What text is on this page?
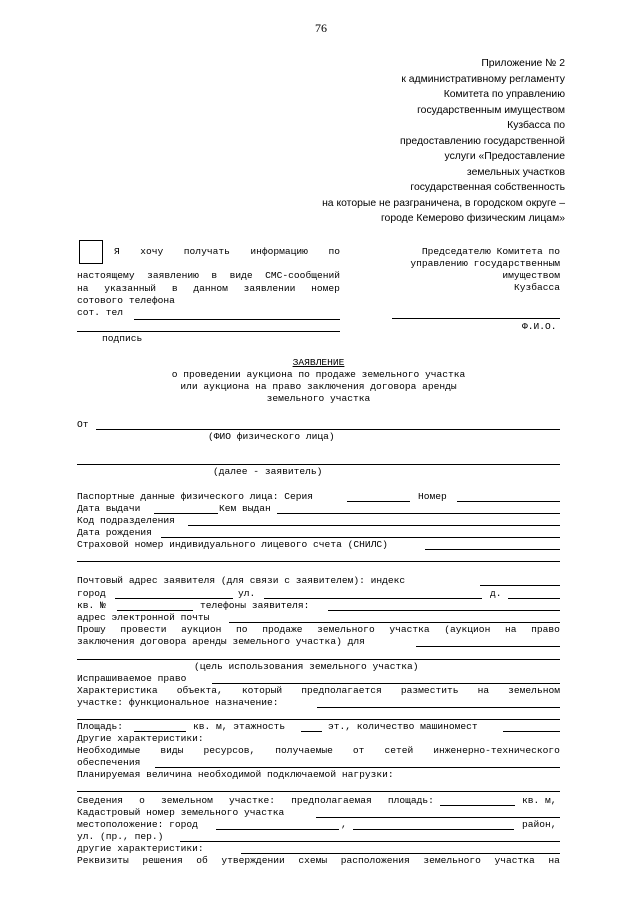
76
Приложение № 2
к административному регламенту
Комитета по управлению
государственным имуществом
Кузбасса по
предоставлению государственной
услуги «Предоставление
земельных участков
государственная собственность
на которые не разграничена, в городском округе –
городе Кемерово физическим лицам»
Я хочу получать информацию по
настоящему заявлению в виде СМС-сообщений
на указанный в данном заявлении номер
сотового телефона
сот. тел
подпись
Председателю Комитета по
управлению государственным
имуществом
Кузбасса
Ф.И.О.
ЗАЯВЛЕНИЕ
о проведении аукциона по продаже земельного участка
или аукциона на право заключения договора аренды
земельного участка
От
(ФИО физического лица)
(далее - заявитель)
Паспортные данные физического лица: Серия	Номер
Дата выдачи	Кем выдан
Код подразделения
Дата рождения
Страховой номер индивидуального лицевого счета (СНИЛС)
Почтовый адрес заявителя (для связи с заявителем): индекс
город	ул.	д.
кв. №	телефоны заявителя:
адрес электронной почты
Прошу провести аукцион по продаже земельного участка (аукцион на право
заключения договора аренды земельного участка) для
(цель использования земельного участка)
Испрашиваемое право
Характеристика объекта, который предполагается разместить на земельном
участке: функциональное назначение:
Площадь:	кв. м, этажность	эт., количество машиномест
Другие характеристики:
Необходимые виды ресурсов, получаемые от сетей инженерно-технического
обеспечения
Планируемая величина необходимой подключаемой нагрузки:
Сведения о земельном участке: предполагаемая площадь:	кв. м,
Кадастровый номер земельного участка
местоположение: город	,	район,
ул. (пр., пер.)
другие характеристики:
Реквизиты решения об утверждении схемы расположения земельного участка на
